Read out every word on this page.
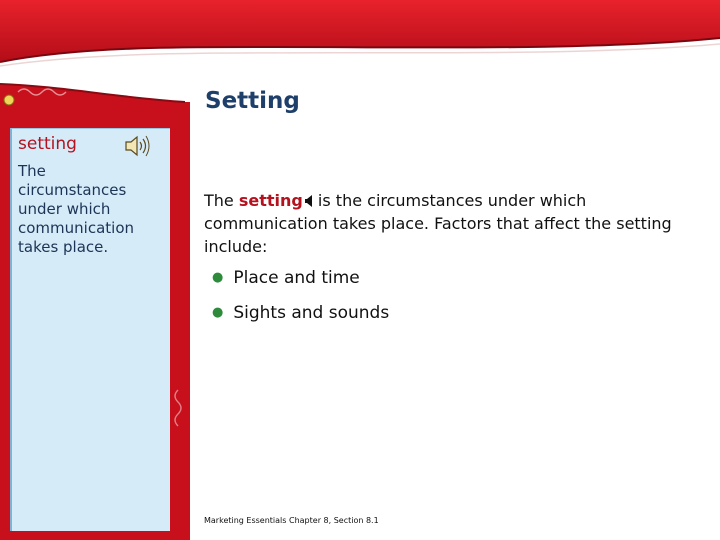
setting
The circumstances under which communication takes place.
Setting
The setting is the circumstances under which communication takes place. Factors that affect the setting include:
● Place and time
● Sights and sounds
Marketing Essentials Chapter 8, Section 8.1
